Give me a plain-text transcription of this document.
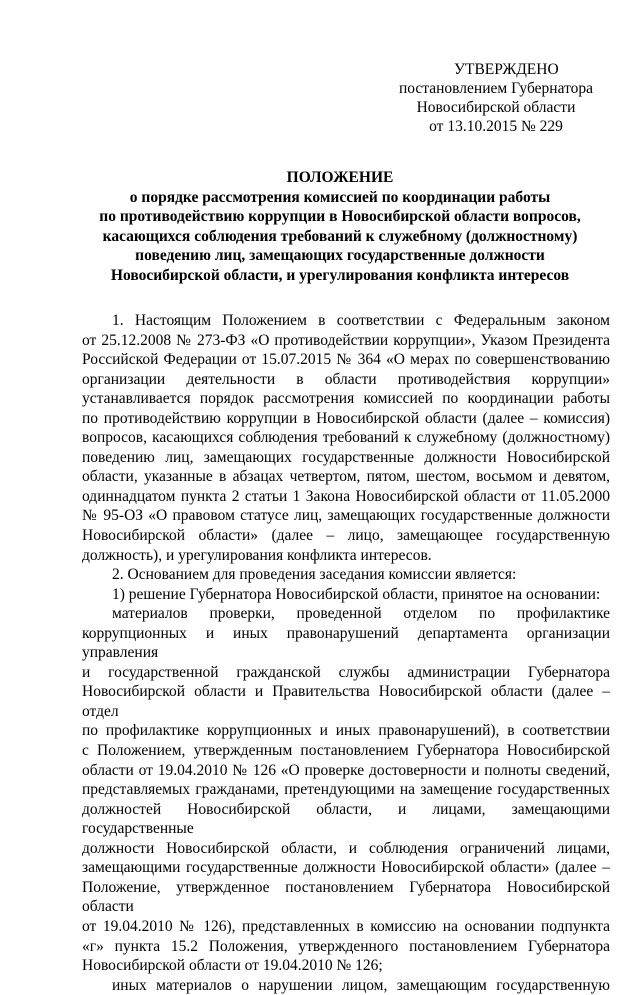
УТВЕРЖДЕНО
постановлением Губернатора
Новосибирской области
от 13.10.2015 № 229
ПОЛОЖЕНИЕ
о порядке рассмотрения комиссией по координации работы
по противодействию коррупции в Новосибирской области вопросов,
касающихся соблюдения требований к служебному (должностному)
поведению лиц, замещающих государственные должности
Новосибирской области, и урегулирования конфликта интересов
1. Настоящим Положением в соответствии с Федеральным законом
от 25.12.2008 № 273-ФЗ «О противодействии коррупции», Указом Президента
Российской Федерации от 15.07.2015 № 364 «О мерах по совершенствованию
организации деятельности в области противодействия коррупции»
устанавливается порядок рассмотрения комиссией по координации работы
по противодействию коррупции в Новосибирской области (далее – комиссия)
вопросов, касающихся соблюдения требований к служебному (должностному)
поведению лиц, замещающих государственные должности Новосибирской
области, указанные в абзацах четвертом, пятом, шестом, восьмом и девятом,
одиннадцатом пункта 2 статьи 1 Закона Новосибирской области от 11.05.2000
№ 95-ОЗ «О правовом статусе лиц, замещающих государственные должности
Новосибирской области» (далее – лицо, замещающее государственную
должность), и урегулирования конфликта интересов.
2. Основанием для проведения заседания комиссии является:
1) решение Губернатора Новосибирской области, принятое на основании:
материалов проверки, проведенной отделом по профилактике
коррупционных и иных правонарушений департамента организации управления
и государственной гражданской службы администрации Губернатора
Новосибирской области и Правительства Новосибирской области (далее – отдел
по профилактике коррупционных и иных правонарушений), в соответствии
с Положением, утвержденным постановлением Губернатора Новосибирской
области от 19.04.2010 № 126 «О проверке достоверности и полноты сведений,
представляемых гражданами, претендующими на замещение государственных
должностей Новосибирской области, и лицами, замещающими государственные
должности Новосибирской области, и соблюдения ограничений лицами,
замещающими государственные должности Новосибирской области» (далее –
Положение, утвержденное постановлением Губернатора Новосибирской области
от 19.04.2010 № 126), представленных в комиссию на основании подпункта
«г» пункта 15.2 Положения, утвержденного постановлением Губернатора
Новосибирской области от 19.04.2010 № 126;
иных материалов о нарушении лицом, замещающим государственную
